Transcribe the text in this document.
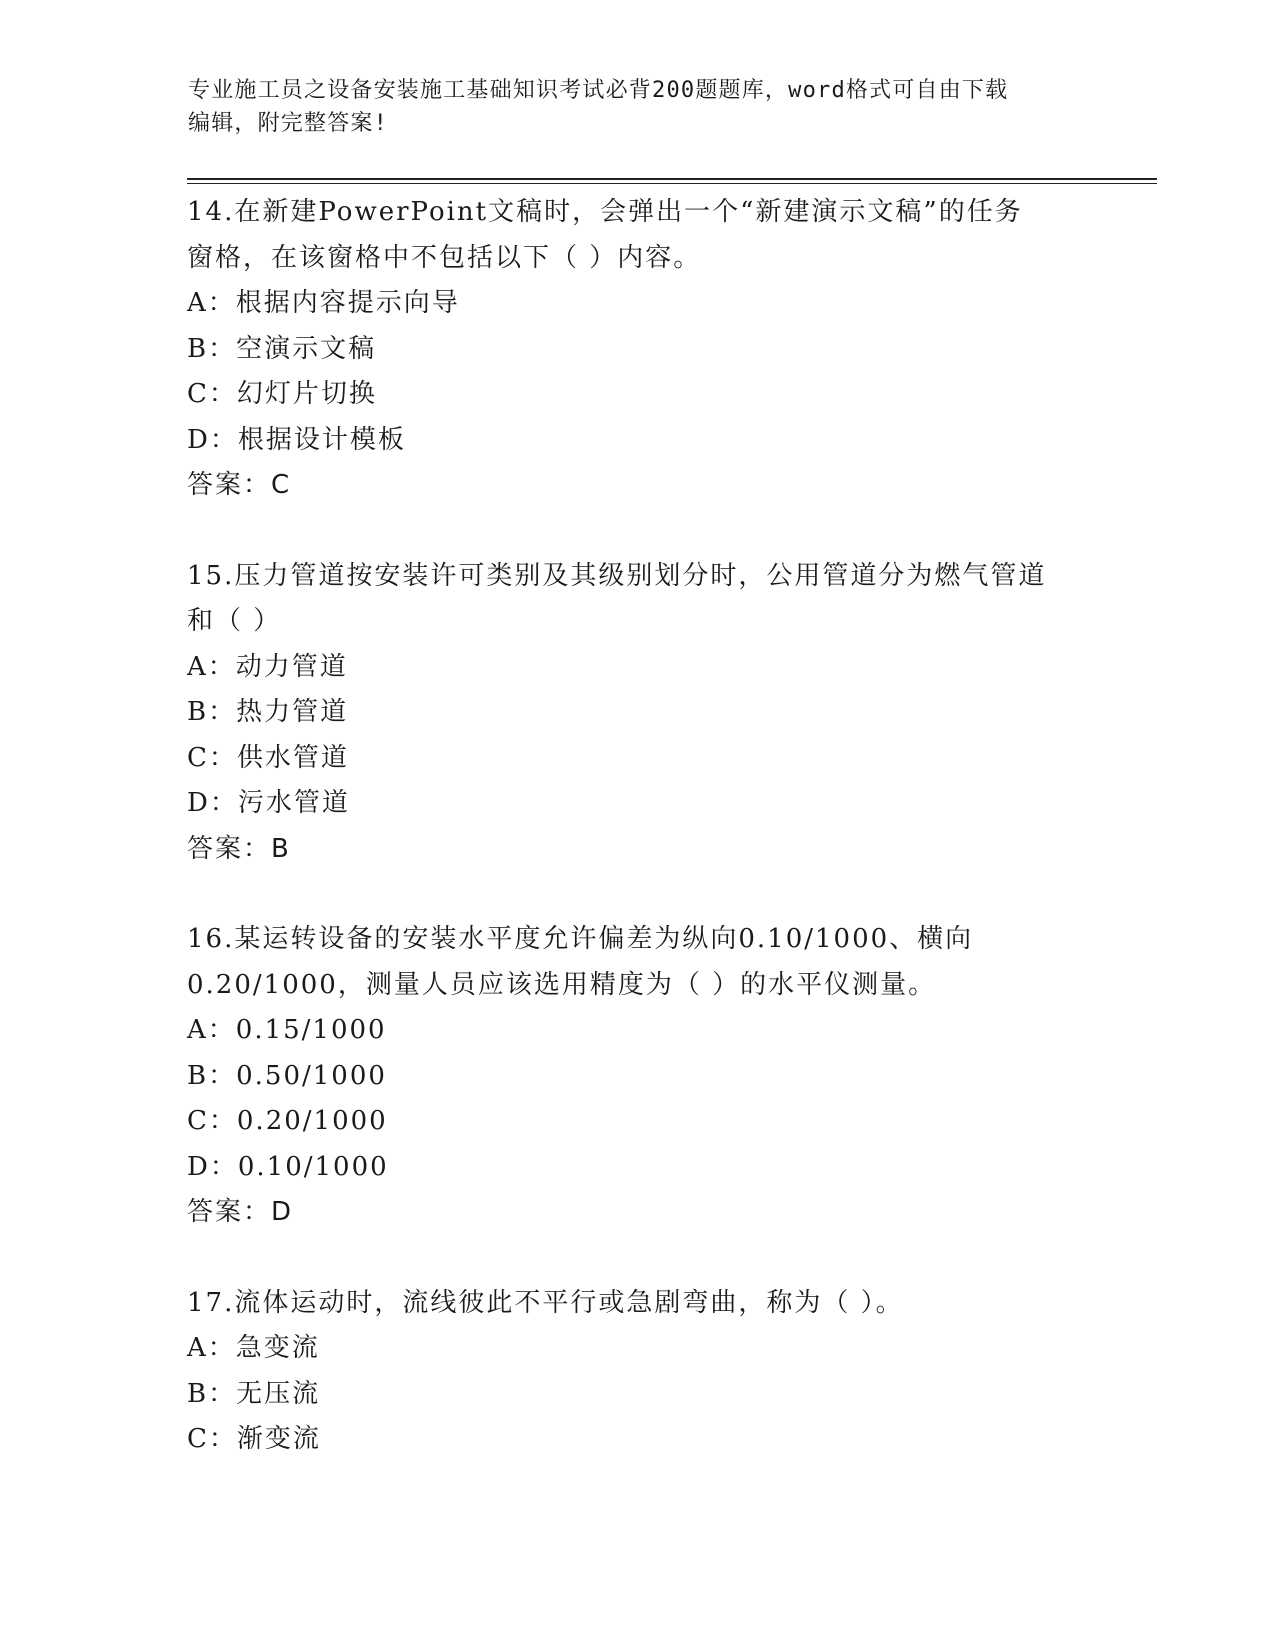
专业施工员之设备安装施工基础知识考试必背200题题库，word格式可自由下载
编辑，附完整答案!
14.在新建PowerPoint文稿时，会弹出一个“新建演示文稿”的任务
窗格，在该窗格中不包括以下（ ）内容。
A：根据内容提示向导
B：空演示文稿
C：幻灯片切换
D：根据设计模板
答案：C
15.压力管道按安装许可类别及其级别划分时，公用管道分为燃气管道
和（ ）
A：动力管道
B：热力管道
C：供水管道
D：污水管道
答案：B
16.某运转设备的安装水平度允许偏差为纵向0.10/1000、横向
0.20/1000，测量人员应该选用精度为（ ）的水平仪测量。
A：0.15/1000
B：0.50/1000
C：0.20/1000
D：0.10/1000
答案：D
17.流体运动时，流线彼此不平行或急剧弯曲，称为（ ）。
A：急变流
B：无压流
C：渐变流
